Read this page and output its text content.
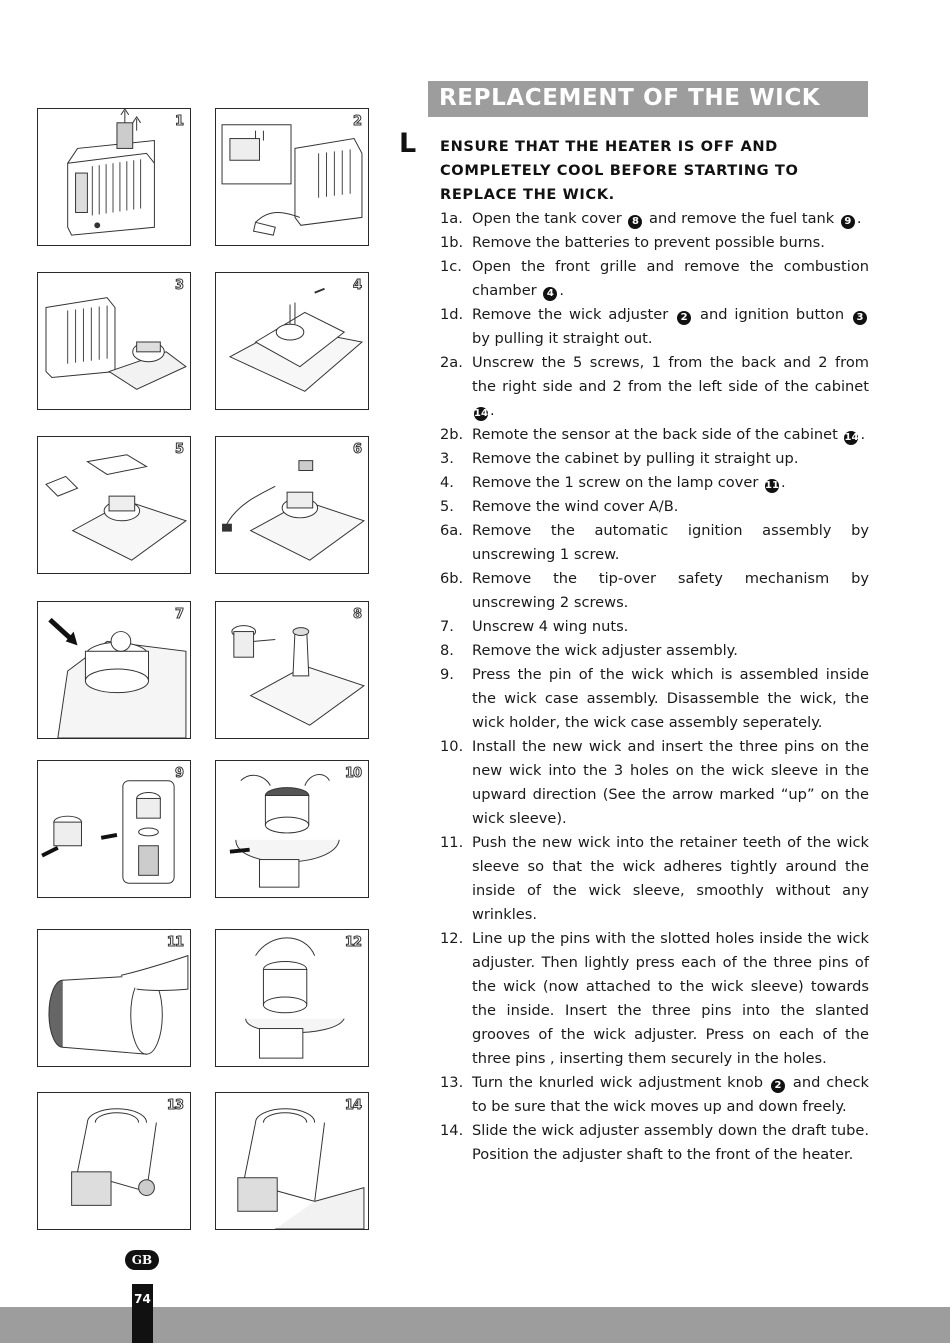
1	2
3	4
5	6
7	8
9	10
11	12
13	14
REPLACEMENT OF THE WICK
L ENSURE THAT THE HEATER IS OFF AND COMPLETELY COOL BEFORE STARTING TO REPLACE THE WICK.
1a. Open the tank cover 8 and remove the fuel tank 9 .
1b. Remove the batteries to prevent possible burns.
1c. Open the front grille and remove the combustion chamber 4 .
1d. Remove the wick adjuster 2 and ignition button 3 by pulling it straight out.
2a. Unscrew the 5 screws, 1 from the back and 2 from the right side and 2 from the left side of the cabinet 14 .
2b. Remote the sensor at the back side of the cabinet 14 .
3.	Remove the cabinet by pulling it straight up.
4.	Remove the 1 screw on the lamp cover 11 .
5.	Remove the wind cover A/B.
6a. Remove the automatic ignition assembly by unscrewing 1 screw.
6b. Remove the tip-over safety mechanism by unscrewing 2 screws.
7.	Unscrew 4 wing nuts.
8.	Remove the wick adjuster assembly.
9.	Press the pin of the wick which is assembled inside the wick case assembly. Disassemble the wick, the wick holder, the wick case assembly seperately.
10. Install the new wick and insert the three pins on the new wick into the 3 holes on the wick sleeve in the upward direction (See the arrow marked “up” on the wick sleeve).
11. Push the new wick into the retainer teeth of the wick sleeve so that the wick adheres tightly around the inside of the wick sleeve, smoothly without any wrinkles.
12. Line up the pins with the slotted holes inside the wick adjuster. Then lightly press each of the three pins of the wick (now attached to the wick sleeve) towards the inside. Insert the three pins into the slanted grooves of the wick adjuster. Press on each of the three pins , inserting them securely in the holes.
13. Turn the knurled wick adjustment knob 2 and check to be sure that the wick moves up and down freely.
14. Slide the wick adjuster assembly down the draft tube. Position the adjuster shaft to the front of the heater.
GB
74
